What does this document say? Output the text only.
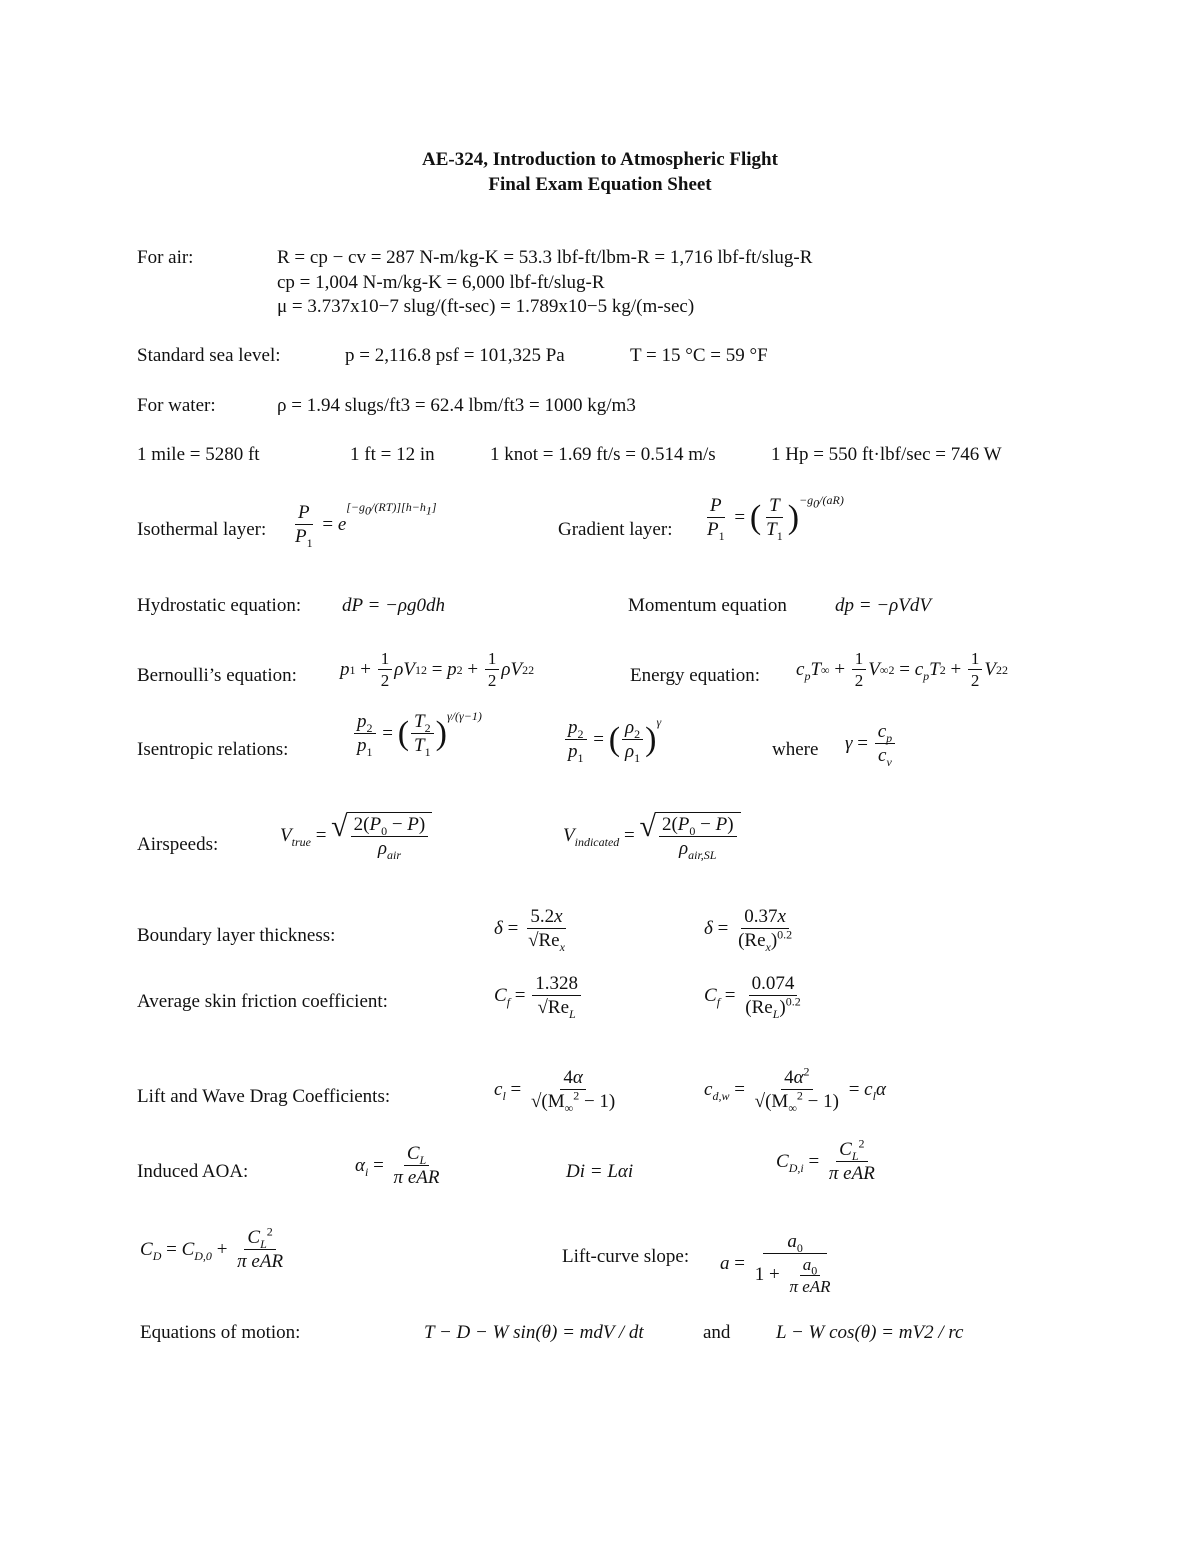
AE-324, Introduction to Atmospheric Flight
Final Exam Equation Sheet
For air:	R = cp − cv = 287 N-m/kg-K = 53.3 lbf-ft/lbm-R = 1,716 lbf-ft/slug-R
cp = 1,004 N-m/kg-K = 6,000 lbf-ft/slug-R
μ = 3.737x10−7 slug/(ft-sec) = 1.789x10−5 kg/(m-sec)
Standard sea level:	p = 2,116.8 psf = 101,325 Pa	T = 15 °C = 59 °F
For water:	ρ = 1.94 slugs/ft3 = 62.4 lbm/ft3 = 1000 kg/m3
1 mile = 5280 ft	1 ft = 12 in	1 knot = 1.69 ft/s = 0.514 m/s	1 Hp = 550 ft·lbf/sec = 746 W
Isothermal layer:
P
$P_1$
= e
$[-g_0/(RT)][h-h_1]$
Gradient layer:
P
$P_1$
= ( T
$T_1$
) $-g_0/(aR)$
Hydrostatic equation: dP = −ρg0dh	Momentum equation	dp = −ρVdV
Bernoulli’s equation: p 1 +
1
2
ρV 1 2 = p 2 +
1
2
ρV 2 2	Energy equation: $c_pT$ ∞ +
1
2
V ∞ $2 = c_pT$ 2 +
1
2
V 2 2
Isentropic relations:
$p_2$
$p_1$
= ( $T_2$
$T_1$
) γ/(γ−1)
$p_2$
$p_1$
= ( $\rho_2$
$\rho_1$
) γ
where γ =
$c_p$
$c_v$
Airspeeds:	$V_{true}$ = √ $2(P_0 - P)$
$\rho_{air}$
$V_{indicated}$ = √ $2(P_0 - P)$
$\rho_{air,SL}$
Boundary layer thickness:	δ =
5.2x
$√Re_x$
δ =
0.37x
$(Re_x)^{0.2}$
Average skin friction coefficient:	$C_f$ =
1.328
$√Re_L$
$C_f$ =
0.074
$(Re_L)^{0.2}$
Lift and Wave Drag Coefficients:	$c_l$ =
4α
$√(M_\infty^2 - 1)$
$c_{d,w}$ =
$4\alpha^2$
$√(M_\infty^2 - 1)$
= $c_l\alpha$
Induced AOA:	$\alpha_i$ =
$C_L$
π eAR	Di = Lαi	$C_{D,i}$ =
$C_L^2$
π eAR
$C_D = C_{D,0}$ +
$C_L^2$
π eAR	Lift-curve slope: a =
$a_0$
$1 + a_0$
π eAR
Equations of motion:	T − D − W sin(θ) = mdV / dt	and L − W cos(θ) = mV2 / rc
